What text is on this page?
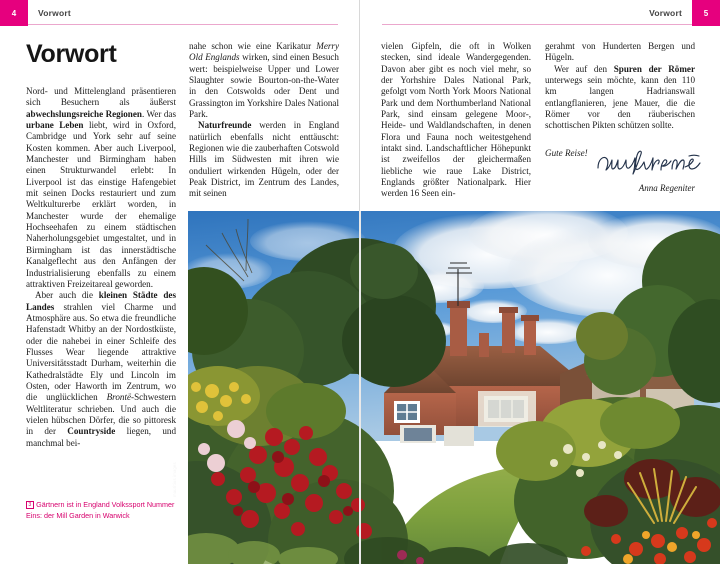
4	Vorwort	5
Vorwort
Vorwort

Nord- und Mittelengland präsentieren sich Besuchern als äußerst abwechslungsreiche Regionen. Wer das urbane Leben liebt, wird in Oxford, Cambridge und York sehr auf seine Kosten kommen. Aber auch Liverpool, Manchester und Birmingham haben einen Strukturwandel erlebt: In Liverpool ist das einstige Hafengebiet mit seinen Docks restauriert und zum Weltkulturerbe erklärt worden, in Manchester wurde der ehemalige Hochseehafen zu einem städtischen Naherholungsgebiet umgestaltet, und in Birmingham ist das innerstädtische Kanalgeflecht aus den Anfängen der Industrialisierung ebenfalls zu einem attraktiven Freizeitareal geworden.

Aber auch die kleinen Städte des Landes strahlen viel Charme und Atmosphäre aus. So etwa die freundliche Hafenstadt Whitby an der Nordostküste, oder die nahebei in einer Schleife des Flusses Wear liegende attraktive Universitätsstadt Durham, weiterhin die Kathedralstädte Ely und Lincoln im Osten, oder Haworth im Zentrum, wo die unglücklichen Brontë-Schwestern Weltliteratur schrieben. Und auch die vielen hübschen Dörfer, die so pittoresk in der Countryside liegen, und manchmal bei-

nahe schon wie eine Karikatur Merry Old Englands wirken, sind einen Besuch wert: beispielweise Upper und Lower Slaughter sowie Bourton-on-the-Water in den Cotswolds oder Dent und Grassington im Yorkshire Dales National Park.

Naturfreunde werden in England natürlich ebenfalls nicht enttäuscht: Regionen wie die zauberhaften Cotswold Hills im Südwesten mit ihren wie onduliert wirkenden Hügeln, oder der Peak District, im Zentrum des Landes, mit seinen

vielen Gipfeln, die oft in Wolken stecken, sind ideale Wandergegenden. Davon aber gibt es noch viel mehr, so der Yorhshire Dales National Park, gefolgt vom North York Moors National Park und dem Northumberland National Park, sind einsam gelegene Moor-, Heide- und Waldlandschaften, in denen Flora und Fauna noch weitestgehend intakt sind. Landschaftlicher Höhepunkt ist zweifellos der gleichermaßen liebliche wie raue Lake District, Englands größter Nationalpark. Hier werden 16 Seen ein-

gerahmt von Hunderten Bergen und Hügeln.

Wer auf den Spuren der Römer unterwegs sein möchte, kann den 110 km langen Hadrianswall entlangflanieren, jene Mauer, die die Römer vor den räuberischen schottischen Pikten schützen sollte.

Gute Reise!
Anna Regeniter
mauritius images
3 Gärtnern ist in England Volkssport Nummer Eins: der Mill Garden in Warwick
